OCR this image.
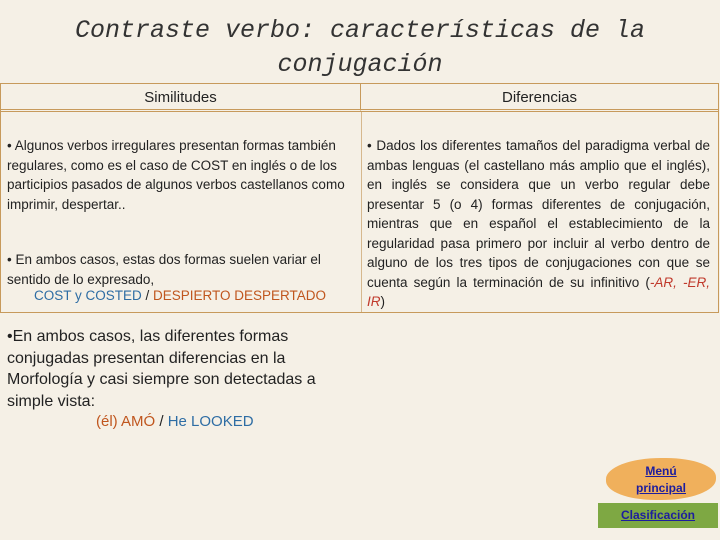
Contraste verbo: características de la
conjugación
Similitudes	Diferencias
• Algunos verbos irregulares presentan formas también regulares, como es el caso de COST en inglés o de los participios pasados de algunos verbos castellanos como imprimir, despertar..
• En ambos casos, estas dos formas suelen variar el sentido de lo expresado,
COST y COSTED / DESPIERTO DESPERTADO
• Dados los diferentes tamaños del paradigma verbal de ambas lenguas (el castellano más amplio que el inglés), en inglés se considera que un verbo regular debe presentar 5 (o 4) formas diferentes de conjugación, mientras que en español el establecimiento de la regularidad pasa primero por incluir al verbo dentro de alguno de los tres tipos de conjugaciones con que se cuenta según la terminación de su infinitivo (-AR, -ER, IR)
•En ambos casos, las diferentes formas conjugadas presentan diferencias en la Morfología y casi siempre son detectadas a simple vista:
(él) AMÓ / He LOOKED
Menú
principal
Clasificación
